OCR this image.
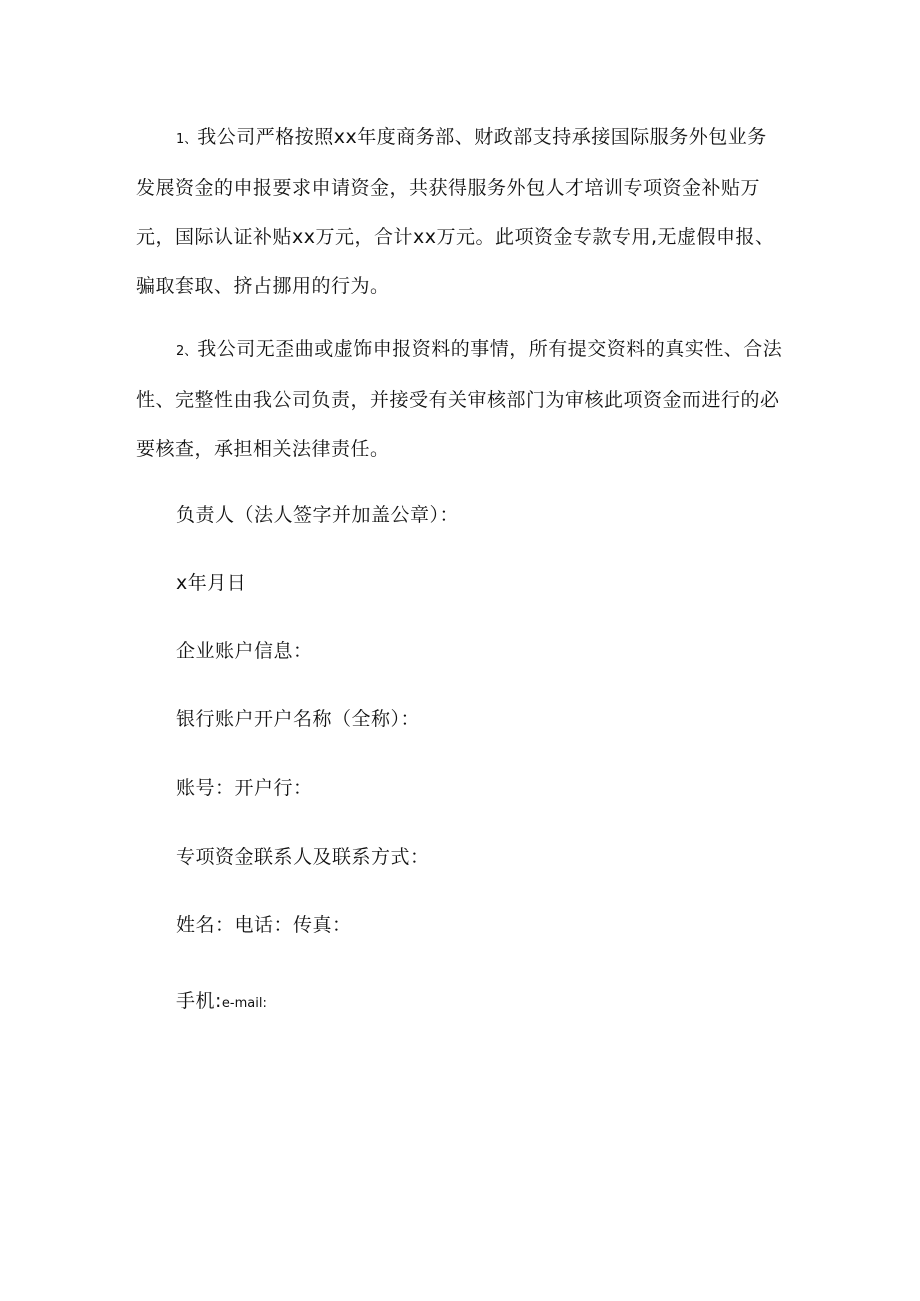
1、我公司严格按照xx年度商务部、财政部支持承接国际服务外包业务发展资金的申报要求申请资金，共获得服务外包人才培训专项资金补贴万元，国际认证补贴xx万元，合计xx万元。此项资金专款专用,无虚假申报、骗取套取、挤占挪用的行为。

2、我公司无歪曲或虚饰申报资料的事情，所有提交资料的真实性、合法性、完整性由我公司负责，并接受有关审核部门为审核此项资金而进行的必要核查，承担相关法律责任。

负责人（法人签字并加盖公章）：

x年月日

企业账户信息：

银行账户开户名称（全称）：

账号：开户行：

专项资金联系人及联系方式：

姓名：电话：传真：

手机:e-mail:
